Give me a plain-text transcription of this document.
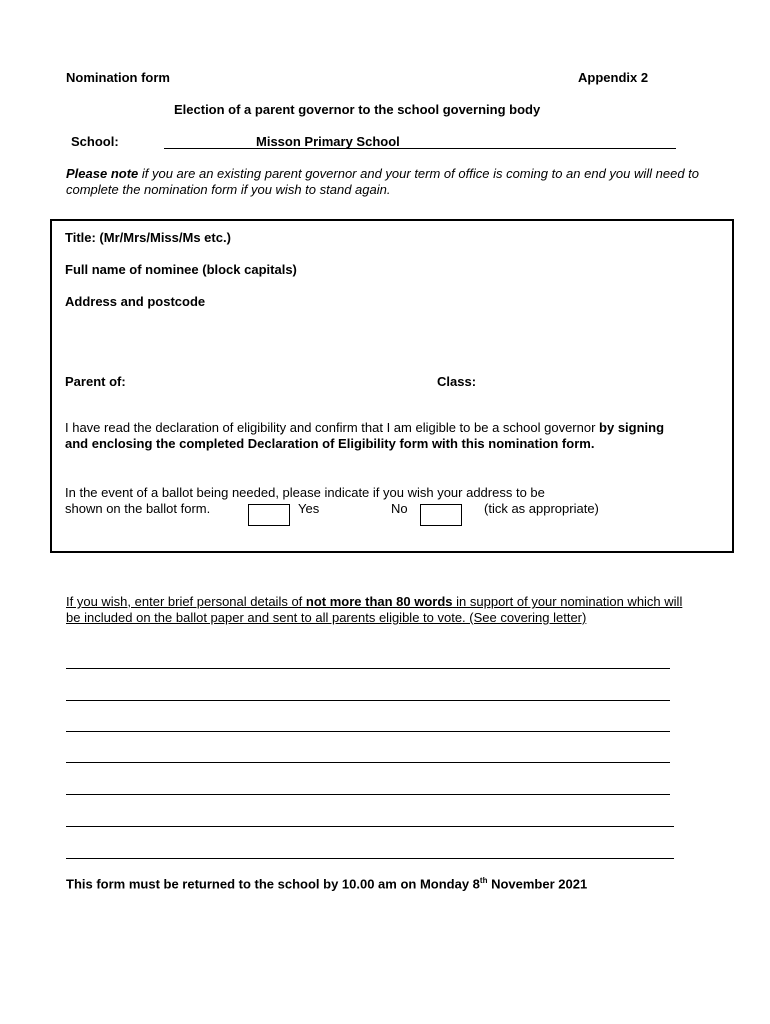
Nomination form	Appendix 2
Election of a parent governor to the school governing body
School:	Misson Primary School
Please note if you are an existing parent governor and your term of office is coming to an end you will need to complete the nomination form if you wish to stand again.
Title: (Mr/Mrs/Miss/Ms etc.)
Full name of nominee (block capitals)
Address and postcode
Parent of:	Class:
I have read the declaration of eligibility and confirm that I am eligible to be a school governor by signing and enclosing the completed Declaration of Eligibility form with this nomination form.
In the event of a ballot being needed, please indicate if you wish your address to be
shown on the ballot form.	Yes	No	(tick as appropriate)
If you wish, enter brief personal details of not more than 80 words in support of your nomination which will be included on the ballot paper and sent to all parents eligible to vote. (See covering letter)
This form must be returned to the school by 10.00 am on Monday 8th November 2021
